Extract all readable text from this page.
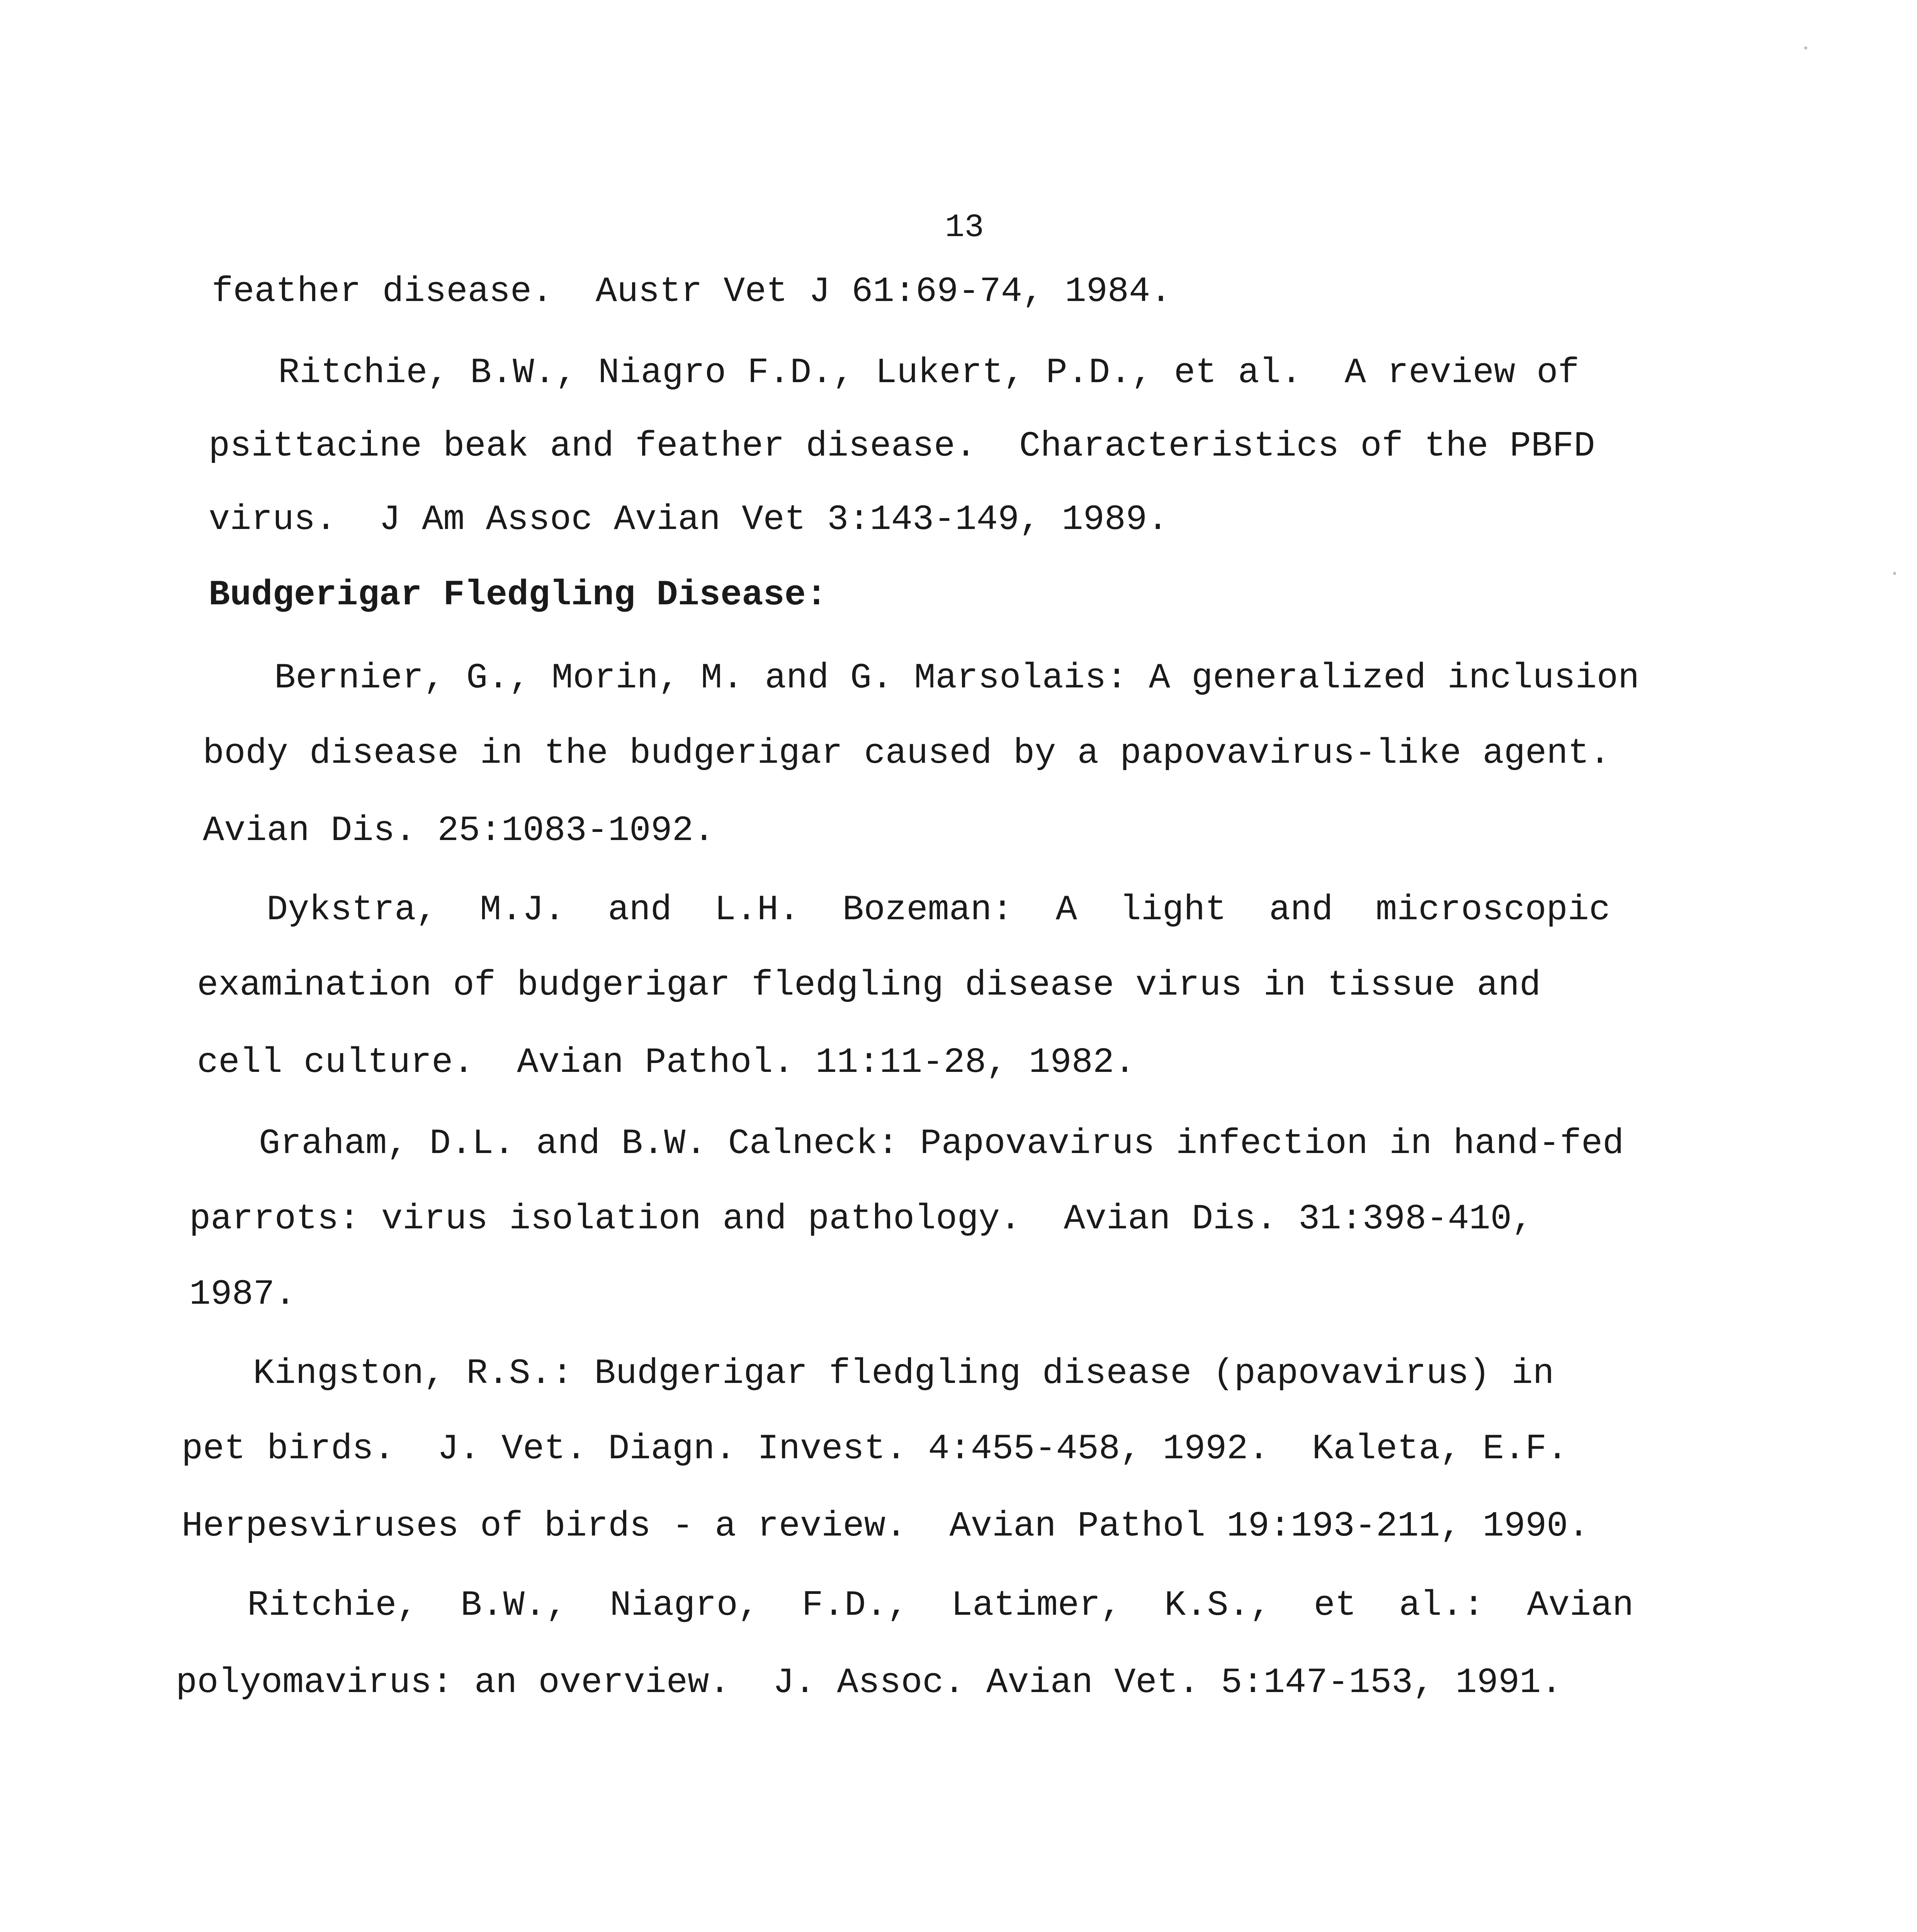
13
feather disease.  Austr Vet J 61:69-74, 1984.
Ritchie, B.W., Niagro F.D., Lukert, P.D., et al.  A review of
psittacine beak and feather disease.  Characteristics of the PBFD
virus.  J Am Assoc Avian Vet 3:143-149, 1989.
Budgerigar Fledgling Disease:
Bernier, G., Morin, M. and G. Marsolais: A generalized inclusion
body disease in the budgerigar caused by a papovavirus-like agent.
Avian Dis. 25:1083-1092.
Dykstra,  M.J.  and  L.H.  Bozeman:  A  light  and  microscopic
examination of budgerigar fledgling disease virus in tissue and
cell culture.  Avian Pathol. 11:11-28, 1982.
Graham, D.L. and B.W. Calneck: Papovavirus infection in hand-fed
parrots: virus isolation and pathology.  Avian Dis. 31:398-410,
1987.
Kingston, R.S.: Budgerigar fledgling disease (papovavirus) in
pet birds.  J. Vet. Diagn. Invest. 4:455-458, 1992.  Kaleta, E.F.
Herpesviruses of birds - a review.  Avian Pathol 19:193-211, 1990.
Ritchie,  B.W.,  Niagro,  F.D.,  Latimer,  K.S.,  et  al.:  Avian
polyomavirus: an overview.  J. Assoc. Avian Vet. 5:147-153, 1991.
